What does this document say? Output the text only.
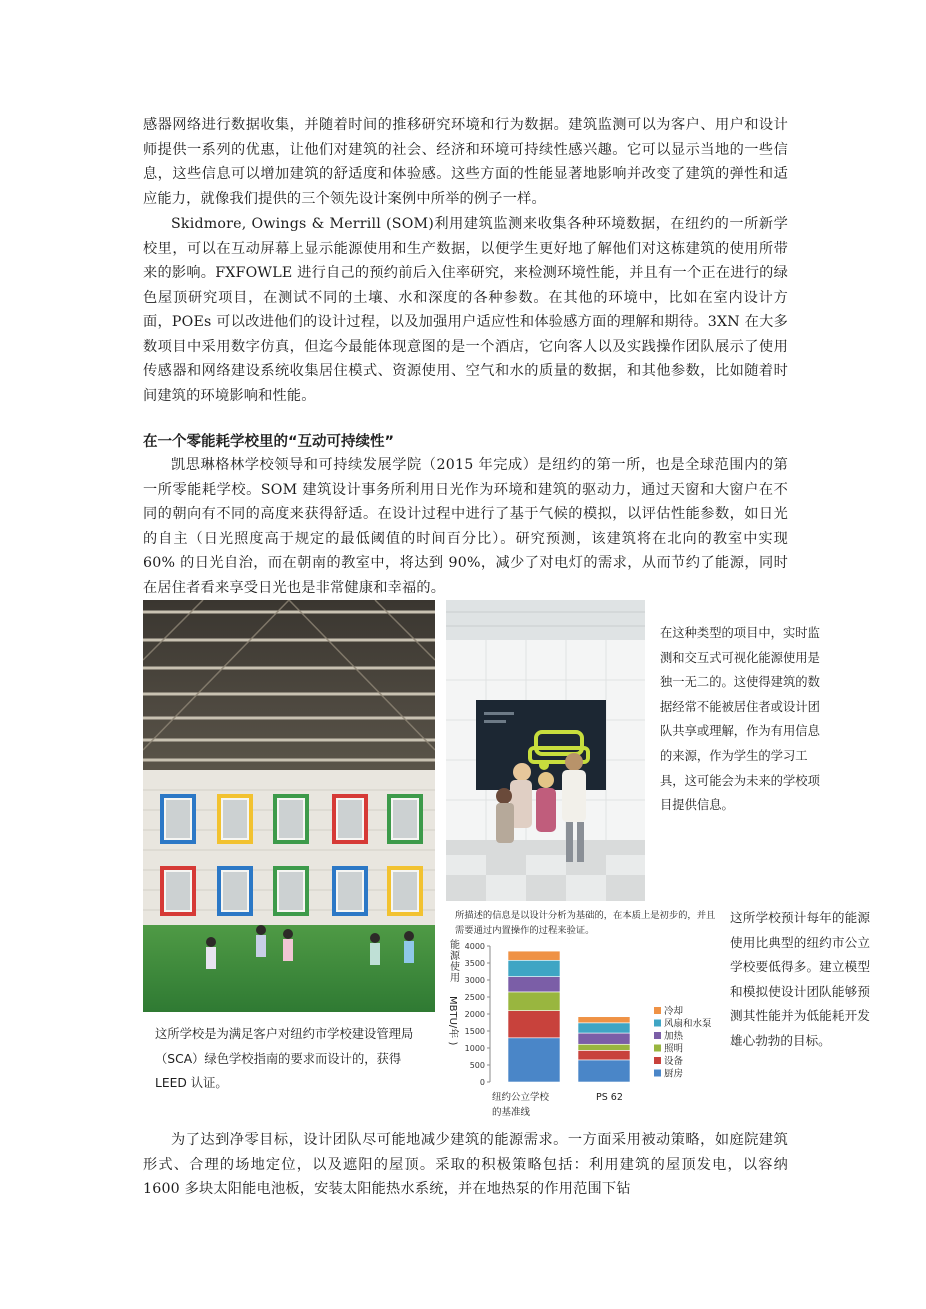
感器网络进行数据收集，并随着时间的推移研究环境和行为数据。建筑监测可以为客户、用户和设计师提供一系列的优惠，让他们对建筑的社会、经济和环境可持续性感兴趣。它可以显示当地的一些信息，这些信息可以增加建筑的舒适度和体验感。这些方面的性能显著地影响并改变了建筑的弹性和适应能力，就像我们提供的三个领先设计案例中所举的例子一样。

Skidmore, Owings & Merrill (SOM)利用建筑监测来收集各种环境数据，在纽约的一所新学校里，可以在互动屏幕上显示能源使用和生产数据，以便学生更好地了解他们对这栋建筑的使用所带来的影响。FXFOWLE 进行自己的预约前后入住率研究，来检测环境性能，并且有一个正在进行的绿色屋顶研究项目，在测试不同的土壤、水和深度的各种参数。在其他的环境中，比如在室内设计方面，POEs 可以改进他们的设计过程，以及加强用户适应性和体验感方面的理解和期待。3XN 在大多数项目中采用数字仿真，但迄今最能体现意图的是一个酒店，它向客人以及实践操作团队展示了使用传感器和网络建设系统收集居住模式、资源使用、空气和水的质量的数据，和其他参数，比如随着时间建筑的环境影响和性能。

在一个零能耗学校里的“互动可持续性”

凯思琳格林学校领导和可持续发展学院（2015 年完成）是纽约的第一所，也是全球范围内的第一所零能耗学校。SOM 建筑设计事务所利用日光作为环境和建筑的驱动力，通过天窗和大窗户在不同的朝向有不同的高度来获得舒适。在设计过程中进行了基于气候的模拟，以评估性能参数，如日光的自主（日光照度高于规定的最低阈值的时间百分比）。研究预测，该建筑将在北向的教室中实现 60% 的日光自治，而在朝南的教室中，将达到 90%，减少了对电灯的需求，从而节约了能源，同时在居住者看来享受日光也是非常健康和幸福的。

在这种类型的项目中，实时监测和交互式可视化能源使用是独一无二的。这使得建筑的数据经常不能被居住者或设计团队共享或理解，作为有用信息的来源，作为学生的学习工具，这可能会为未来的学校项目提供信息。

所描述的信息是以设计分析为基础的，在本质上是初步的，并且需要通过内置操作的过程来验证。

0
500
1000
1500
2000
2500
3000
3500
4000
能
源
使
用
MBTU/年 )
纽约公立学校
的基准线
PS 62
冷却
风扇和水泵
加热
照明
设备
厨房

这所学校是为满足客户对纽约市学校建设管理局（SCA）绿色学校指南的要求而设计的，获得 LEED 认证。

这所学校预计每年的能源使用比典型的纽约市公立学校要低得多。建立模型和模拟使设计团队能够预测其性能并为低能耗开发雄心勃勃的目标。

为了达到净零目标，设计团队尽可能地减少建筑的能源需求。一方面采用被动策略，如庭院建筑形式、合理的场地定位，以及遮阳的屋顶。采取的积极策略包括：利用建筑的屋顶发电，以容纳 1600 多块太阳能电池板，安装太阳能热水系统，并在地热泵的作用范围下钻
